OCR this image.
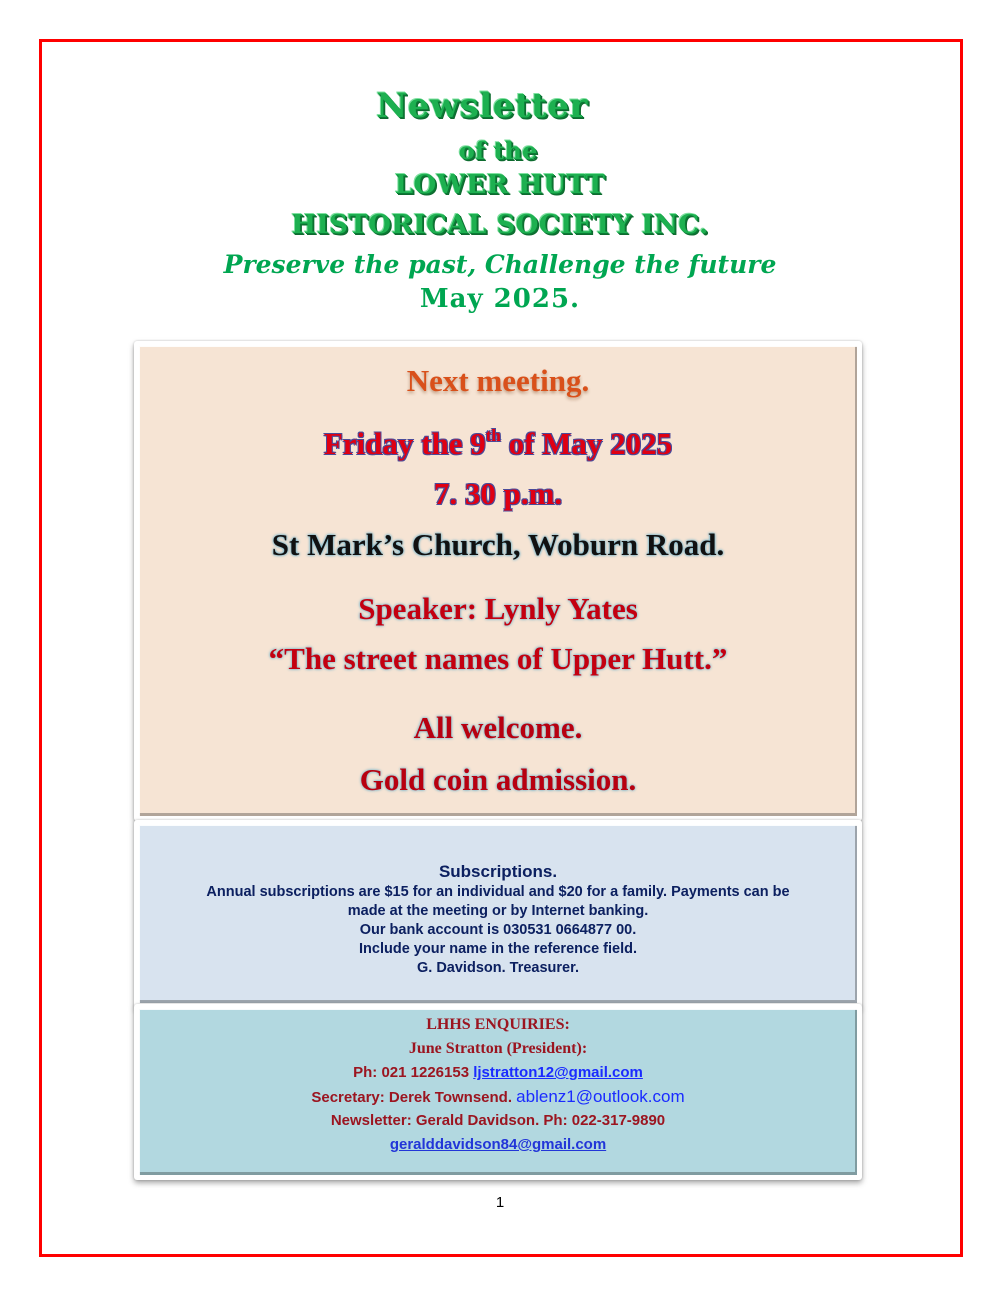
Newsletter
of the
LOWER HUTT
HISTORICAL SOCIETY INC.
Preserve the past, Challenge the future
May 2025.
Next meeting.
Friday the 9th of May 2025
7. 30 p.m.
St Mark’s Church, Woburn Road.
Speaker: Lynly Yates
“The street names of Upper Hutt.”
All welcome.
Gold coin admission.
Subscriptions.
Annual subscriptions are $15 for an individual and $20 for a family. Payments can be
made at the meeting or by Internet banking.
Our bank account is 030531 0664877 00.
Include your name in the reference field.
G. Davidson. Treasurer.
LHHS ENQUIRIES:
June Stratton (President):
Ph: 021 1226153 ljstratton12@gmail.com
Secretary: Derek Townsend. ablenz1@outlook.com
Newsletter: Gerald Davidson. Ph: 022-317-9890
geralddavidson84@gmail.com
1
